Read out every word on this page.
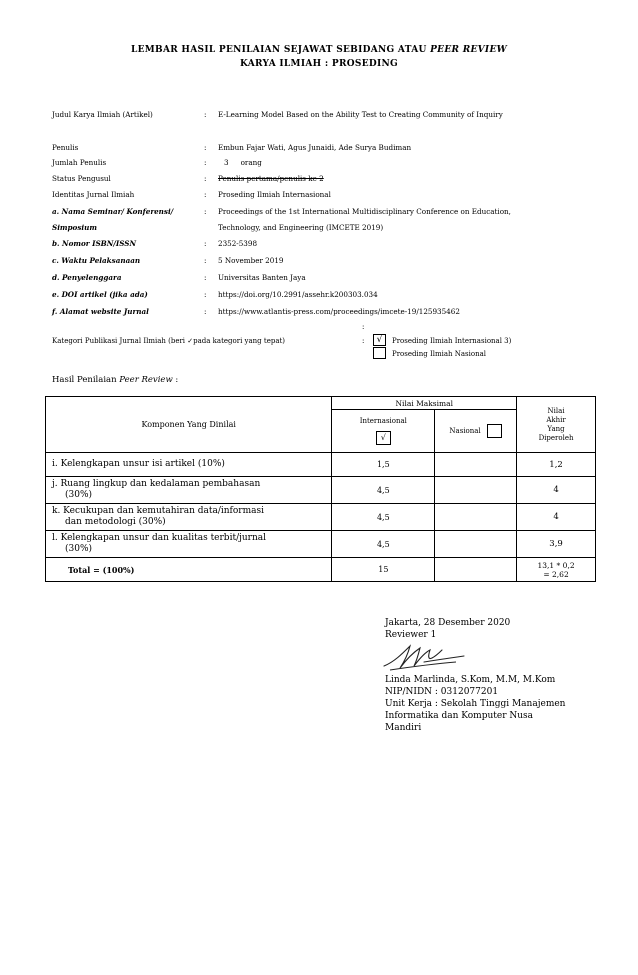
LEMBAR HASIL PENILAIAN SEJAWAT SEBIDANG ATAU PEER REVIEW
KARYA ILMIAH : PROSEDING
Judul Karya Ilmiah (Artikel)	: E-Learning Model Based on the Ability Test to Creating Community of Inquiry
Penulis	: Embun Fajar Wati, Agus Junaidi, Ade Surya Budiman
Jumlah Penulis	:	3 orang
Status Pengusul	: Penulis pertama/penulis ke 2
Identitas Jurnal Ilmiah	: Proseding Ilmiah Internasional
a. Nama Seminar/ Konferensi/	: Proceedings of the 1st International Multidisciplinary Conference on Education,
Simposium	Technology, and Engineering (IMCETE 2019)
b. Nomor ISBN/ISSN	: 2352-5398
c. Waktu Pelaksanaan	: 5 November 2019
d. Penyelenggara	: Universitas Banten Jaya
e. DOI artikel (jika ada)	: https://doi.org/10.2991/assehr.k200303.034
f. Alamat website Jurnal	: https://www.atlantis-press.com/proceedings/imcete-19/125935462
:
Kategori Publikasi Jurnal Ilmiah (beri ✓pada kategori yang tepat)	:	√	Proseding Ilmiah Internasional 3)
Proseding Ilmiah Nasional
Hasil Penilaian Peer Review :
Komponen Yang Dinilai	Nilai Maksimal		Nilai
Akhir
Yang
Diperoleh

	Internasional
√	Nasional	

i. Kelengkapan unsur isi artikel (10%)	1,5		1,2

j. Ruang lingkup dan kedalaman pembahasan
(30%)	4,5		4

k. Kecukupan dan kemutahiran data/informasi
dan metodologi (30%)	4,5		4

l. Kelengkapan unsur dan kualitas terbit/jurnal
(30%)	4,5		3,9
Total = (100%)	15		13,1 * 0,2
= 2,62
Jakarta, 28 Desember 2020
Reviewer 1
Linda Marlinda, S.Kom, M.M, M.Kom
NIP/NIDN : 0312077201
Unit Kerja : Sekolah Tinggi Manajemen
Informatika dan Komputer Nusa
Mandiri
